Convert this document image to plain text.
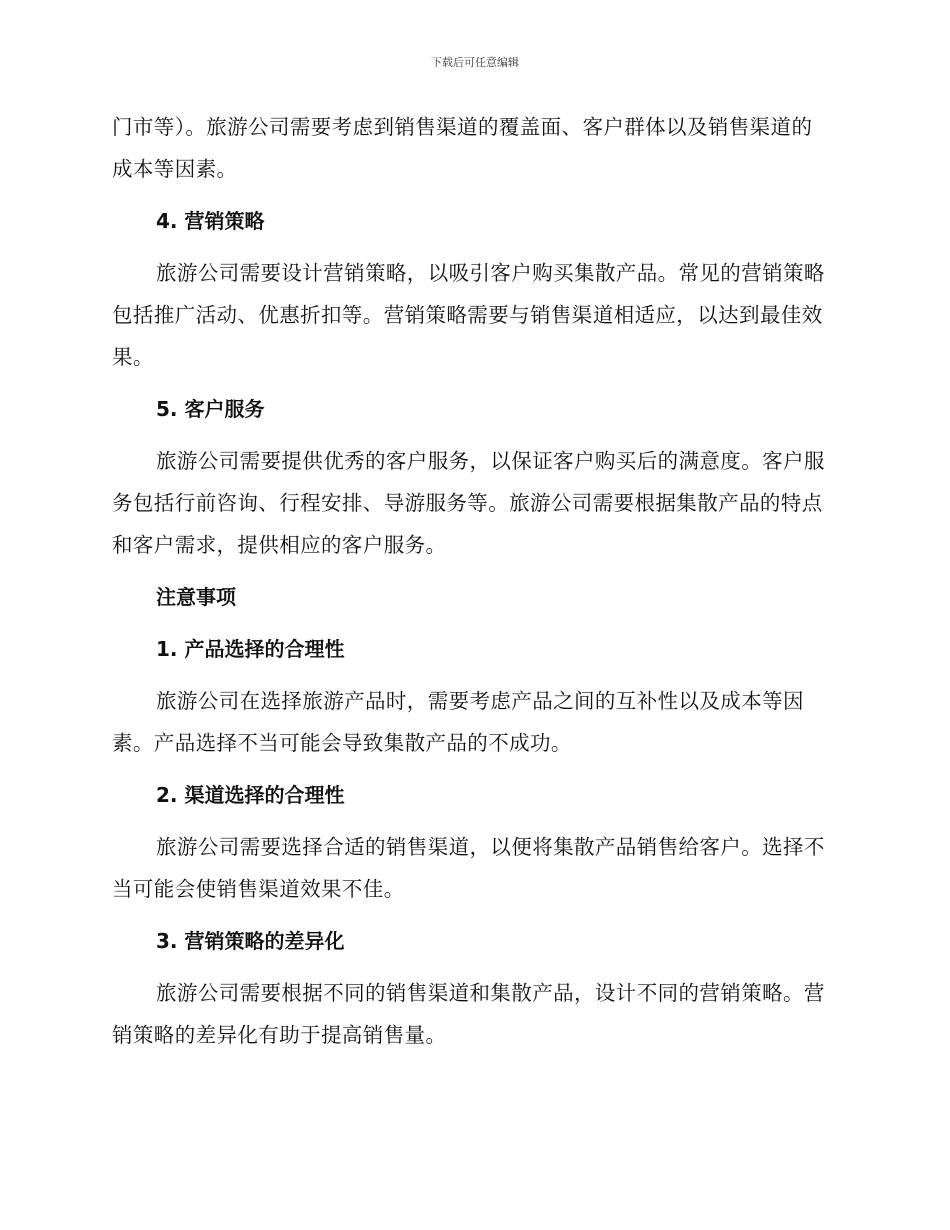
下载后可任意编辑

门市等）。旅游公司需要考虑到销售渠道的覆盖面、客户群体以及销售渠道的成本等因素。

4. 营销策略

旅游公司需要设计营销策略，以吸引客户购买集散产品。常见的营销策略包括推广活动、优惠折扣等。营销策略需要与销售渠道相适应，以达到最佳效果。

5. 客户服务

旅游公司需要提供优秀的客户服务，以保证客户购买后的满意度。客户服务包括行前咨询、行程安排、导游服务等。旅游公司需要根据集散产品的特点和客户需求，提供相应的客户服务。

注意事项
1. 产品选择的合理性

旅游公司在选择旅游产品时，需要考虑产品之间的互补性以及成本等因素。产品选择不当可能会导致集散产品的不成功。

2. 渠道选择的合理性

旅游公司需要选择合适的销售渠道，以便将集散产品销售给客户。选择不当可能会使销售渠道效果不佳。

3. 营销策略的差异化

旅游公司需要根据不同的销售渠道和集散产品，设计不同的营销策略。营销策略的差异化有助于提高销售量。
